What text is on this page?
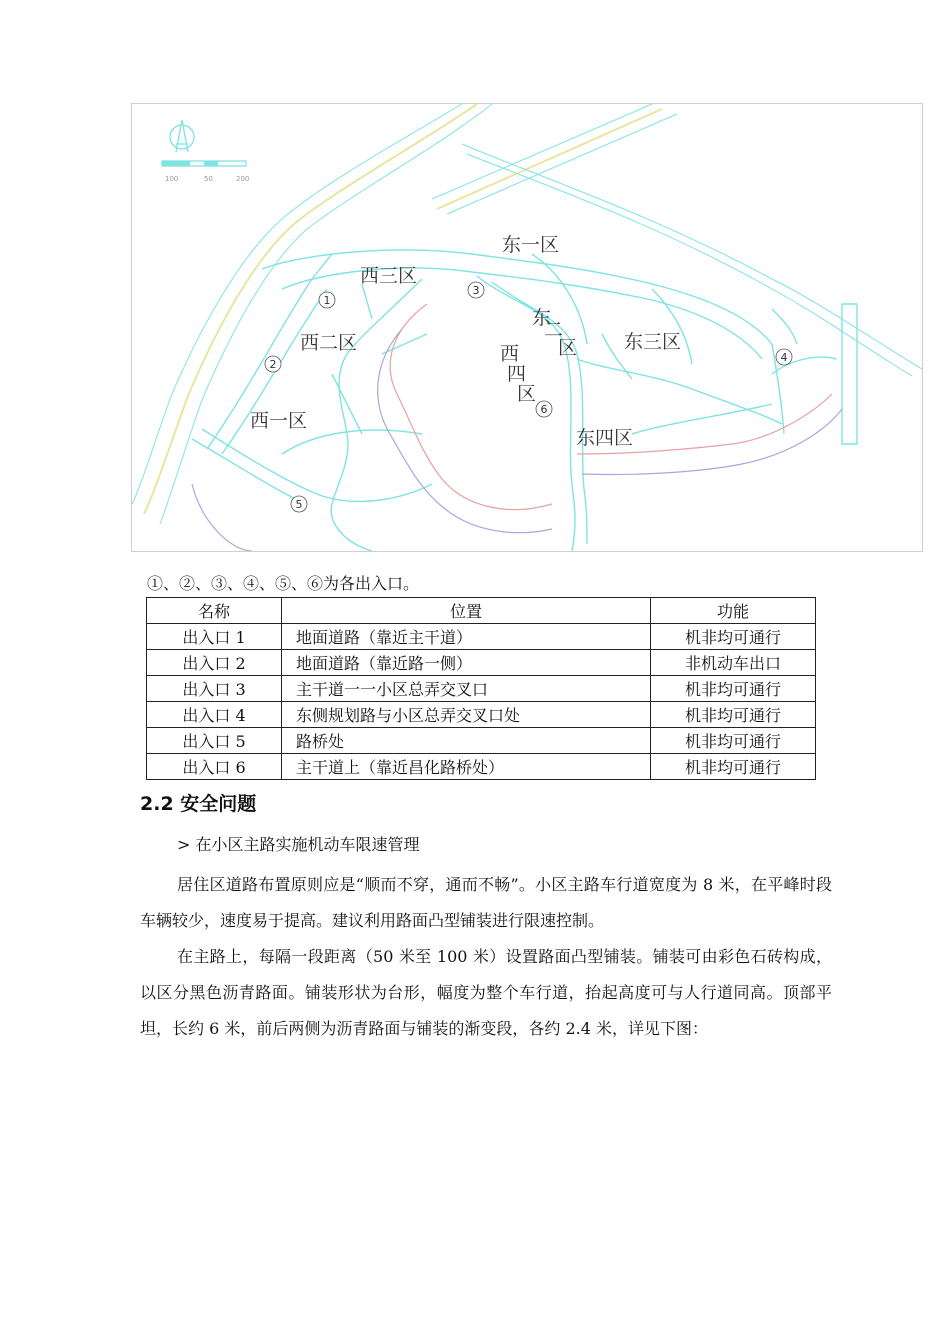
100	50	200
东一区
西三区
东
二
区 东三区
西二区	西
四
区
西一区
东四区
1
2
3
4
5
6
①、②、③、④、⑤、⑥为各出入口。
名称	位置	功能
出入口 1	地面道路（靠近主干道）	机非均可通行
出入口 2	地面道路（靠近路一侧）	非机动车出口
出入口 3	主干道一一小区总弄交叉口	机非均可通行
出入口 4	东侧规划路与小区总弄交叉口处	机非均可通行
出入口 5	路桥处	机非均可通行
出入口 6	主干道上（靠近昌化路桥处）	机非均可通行
2.2 安全问题
> 在小区主路实施机动车限速管理

居住区道路布置原则应是“顺而不穿，通而不畅”。小区主路车行道宽度为 8 米，在平峰时段车辆较少，速度易于提高。建议利用路面凸型铺装进行限速控制。

在主路上，每隔一段距离（50 米至 100 米）设置路面凸型铺装。铺装可由彩色石砖构成，以区分黑色沥青路面。铺装形状为台形，幅度为整个车行道，抬起高度可与人行道同高。顶部平坦，长约 6 米，前后两侧为沥青路面与铺装的渐变段，各约 2.4 米，详见下图：
